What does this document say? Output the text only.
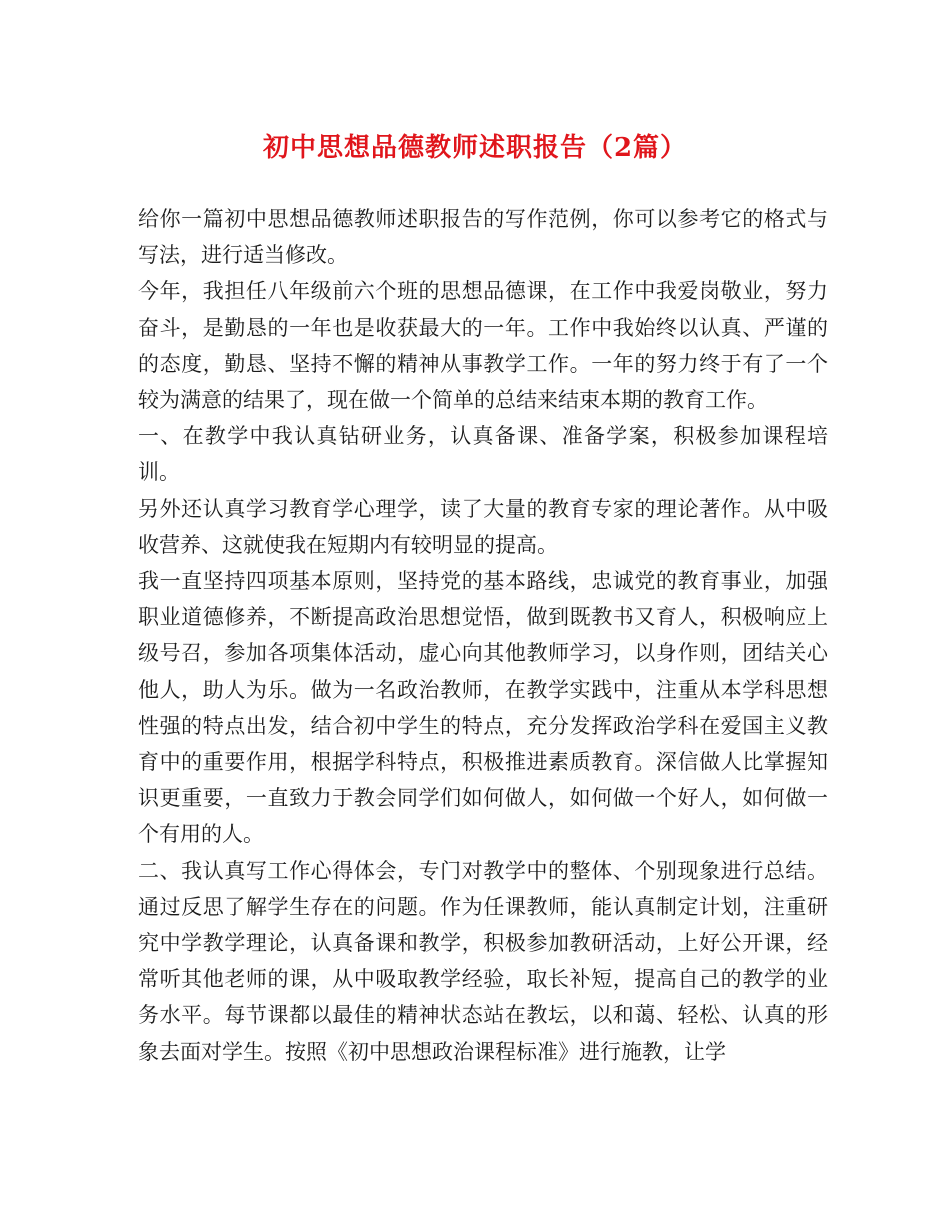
初中思想品德教师述职报告（2篇）

给你一篇初中思想品德教师述职报告的写作范例，你可以参考它的格式与写法，进行适当修改。

今年，我担任八年级前六个班的思想品德课，在工作中我爱岗敬业，努力奋斗，是勤恳的一年也是收获最大的一年。工作中我始终以认真、严谨的的态度，勤恳、坚持不懈的精神从事教学工作。一年的努力终于有了一个较为满意的结果了，现在做一个简单的总结来结束本期的教育工作。

一、在教学中我认真钻研业务，认真备课、准备学案，积极参加课程培训。

另外还认真学习教育学心理学，读了大量的教育专家的理论著作。从中吸收营养、这就使我在短期内有较明显的提高。

我一直坚持四项基本原则，坚持党的基本路线，忠诚党的教育事业，加强职业道德修养，不断提高政治思想觉悟，做到既教书又育人，积极响应上级号召，参加各项集体活动，虚心向其他教师学习，以身作则，团结关心他人，助人为乐。做为一名政治教师，在教学实践中，注重从本学科思想性强的特点出发，结合初中学生的特点，充分发挥政治学科在爱国主义教育中的重要作用，根据学科特点，积极推进素质教育。深信做人比掌握知识更重要，一直致力于教会同学们如何做人，如何做一个好人，如何做一个有用的人。

二、我认真写工作心得体会，专门对教学中的整体、个别现象进行总结。通过反思了解学生存在的问题。作为任课教师，能认真制定计划，注重研究中学教学理论，认真备课和教学，积极参加教研活动，上好公开课，经常听其他老师的课，从中吸取教学经验，取长补短，提高自己的教学的业务水平。每节课都以最佳的精神状态站在教坛，以和蔼、轻松、认真的形象去面对学生。按照《初中思想政治课程标准》进行施教，让学
